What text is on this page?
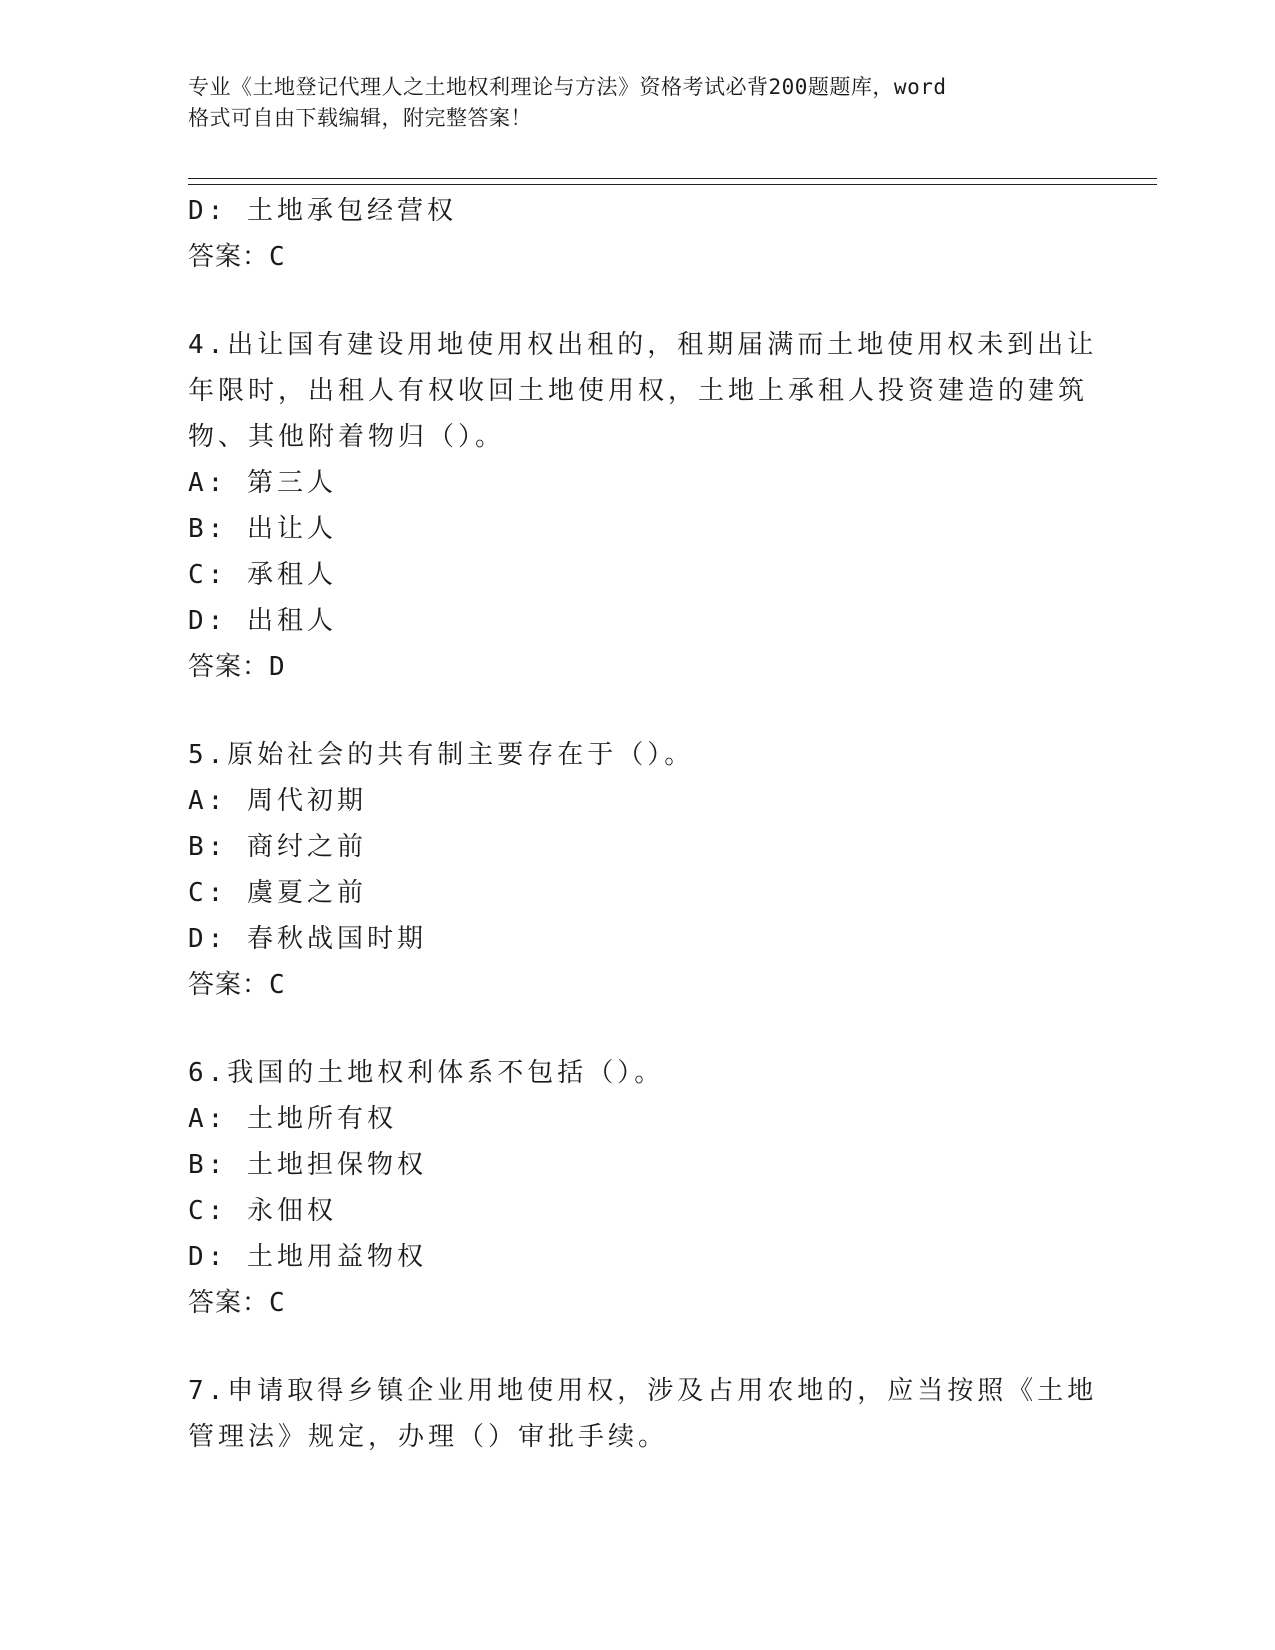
专业《土地登记代理人之土地权利理论与方法》资格考试必背200题题库，word
格式可自由下载编辑，附完整答案！
D: 土地承包经营权
答案：C
4.出让国有建设用地使用权出租的，租期届满而土地使用权未到出让
年限时，出租人有权收回土地使用权，土地上承租人投资建造的建筑
物、其他附着物归（）。
A: 第三人
B: 出让人
C: 承租人
D: 出租人
答案：D
5.原始社会的共有制主要存在于（）。
A: 周代初期
B: 商纣之前
C: 虞夏之前
D: 春秋战国时期
答案：C
6.我国的土地权利体系不包括（）。
A: 土地所有权
B: 土地担保物权
C: 永佃权
D: 土地用益物权
答案：C
7.申请取得乡镇企业用地使用权，涉及占用农地的，应当按照《土地
管理法》规定，办理（）审批手续。
